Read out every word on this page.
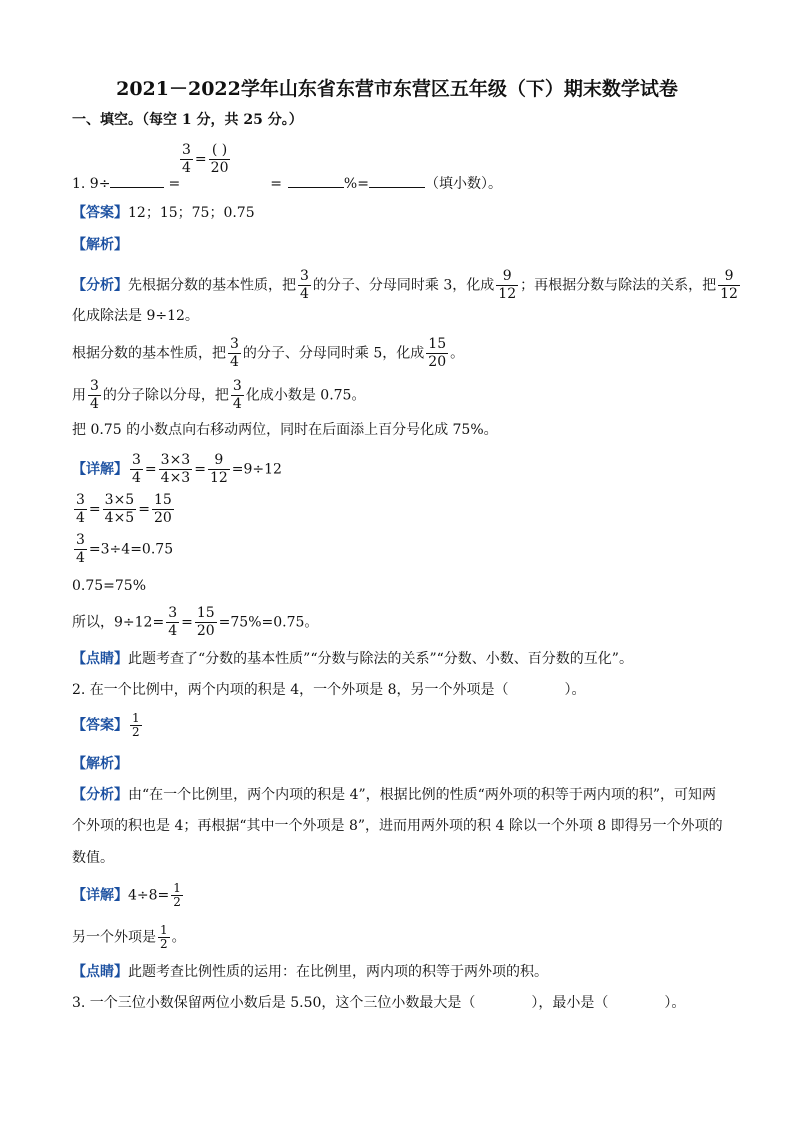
2021－2022学年山东省东营市东营区五年级（下）期末数学试卷
一、填空。（每空 1 分，共 25 分。）
$\frac{3}{4} = \frac{( )}{20}$
1. 9÷	=	=	%=	（填小数）。
【答案】12；15；75；0.75
【解析】
【分析】先根据分数的基本性质，把 $\frac{3}{4}$ 的分子、分母同时乘 3，化成 $\frac{9}{12}$ ；再根据分数与除法的关系，把 $\frac{9}{12}$
化成除法是 9÷12。
根据分数的基本性质，把 $\frac{3}{4}$ 的分子、分母同时乘 5，化成 $\frac{15}{20}$ 。
用 $\frac{3}{4}$ 的分子除以分母，把 $\frac{3}{4}$ 化成小数是 0.75。
把 0.75 的小数点向右移动两位，同时在后面添上百分号化成 75%。
【详解】 $\frac{3}{4} = \frac{3\times 3}{4\times 3} = \frac{9}{12} =9\div 12$
$\frac{3}{4} = \frac{3\times 5}{4\times 5} = \frac{15}{20}$
$\frac{3}{4} =3\div 4=0.75$
0.75=75%
所以，$9\div 12= \frac{3}{4} = \frac{15}{20} =75\%=0.75$。
【点睛】此题考查了“分数的基本性质”“分数与除法的关系”“分数、小数、百分数的互化”。
2. 在一个比例中，两个内项的积是 4，一个外项是 8，另一个外项是（　　　　）。
【答案】 $\frac{1}{2}$
【解析】
【分析】由“在一个比例里，两个内项的积是 4”，根据比例的性质“两外项的积等于两内项的积”，可知两
个外项的积也是 4；再根据“其中一个外项是 8”，进而用两外项的积 4 除以一个外项 8 即得另一个外项的
数值。
【详解】$4\div 8= \frac{1}{2}$
另一个外项是 $\frac{1}{2}$ 。
【点睛】此题考查比例性质的运用：在比例里，两内项的积等于两外项的积。
3. 一个三位小数保留两位小数后是 5.50，这个三位小数最大是（　　　　），最小是（　　　　）。
